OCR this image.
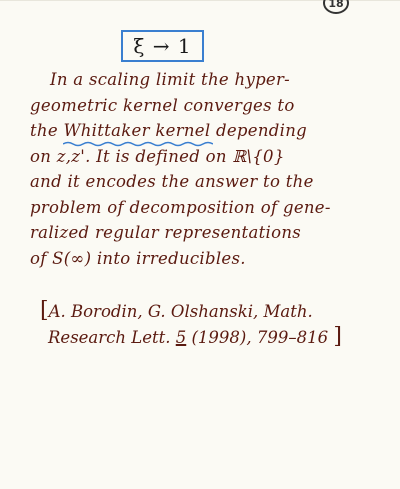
18
ξ → 1
In a scaling limit the hyper-
geometric kernel converges to
the Whittaker kernel
depending
on z,z'. It is defined on ℝ\{0}
and it encodes the answer to the
problem of decomposition of gene-
ralized regular representations
of S(∞) into irreducibles.
[A. Borodin, G. Olshanski, Math.
Research Lett. 5 (1998), 799–816 ]
